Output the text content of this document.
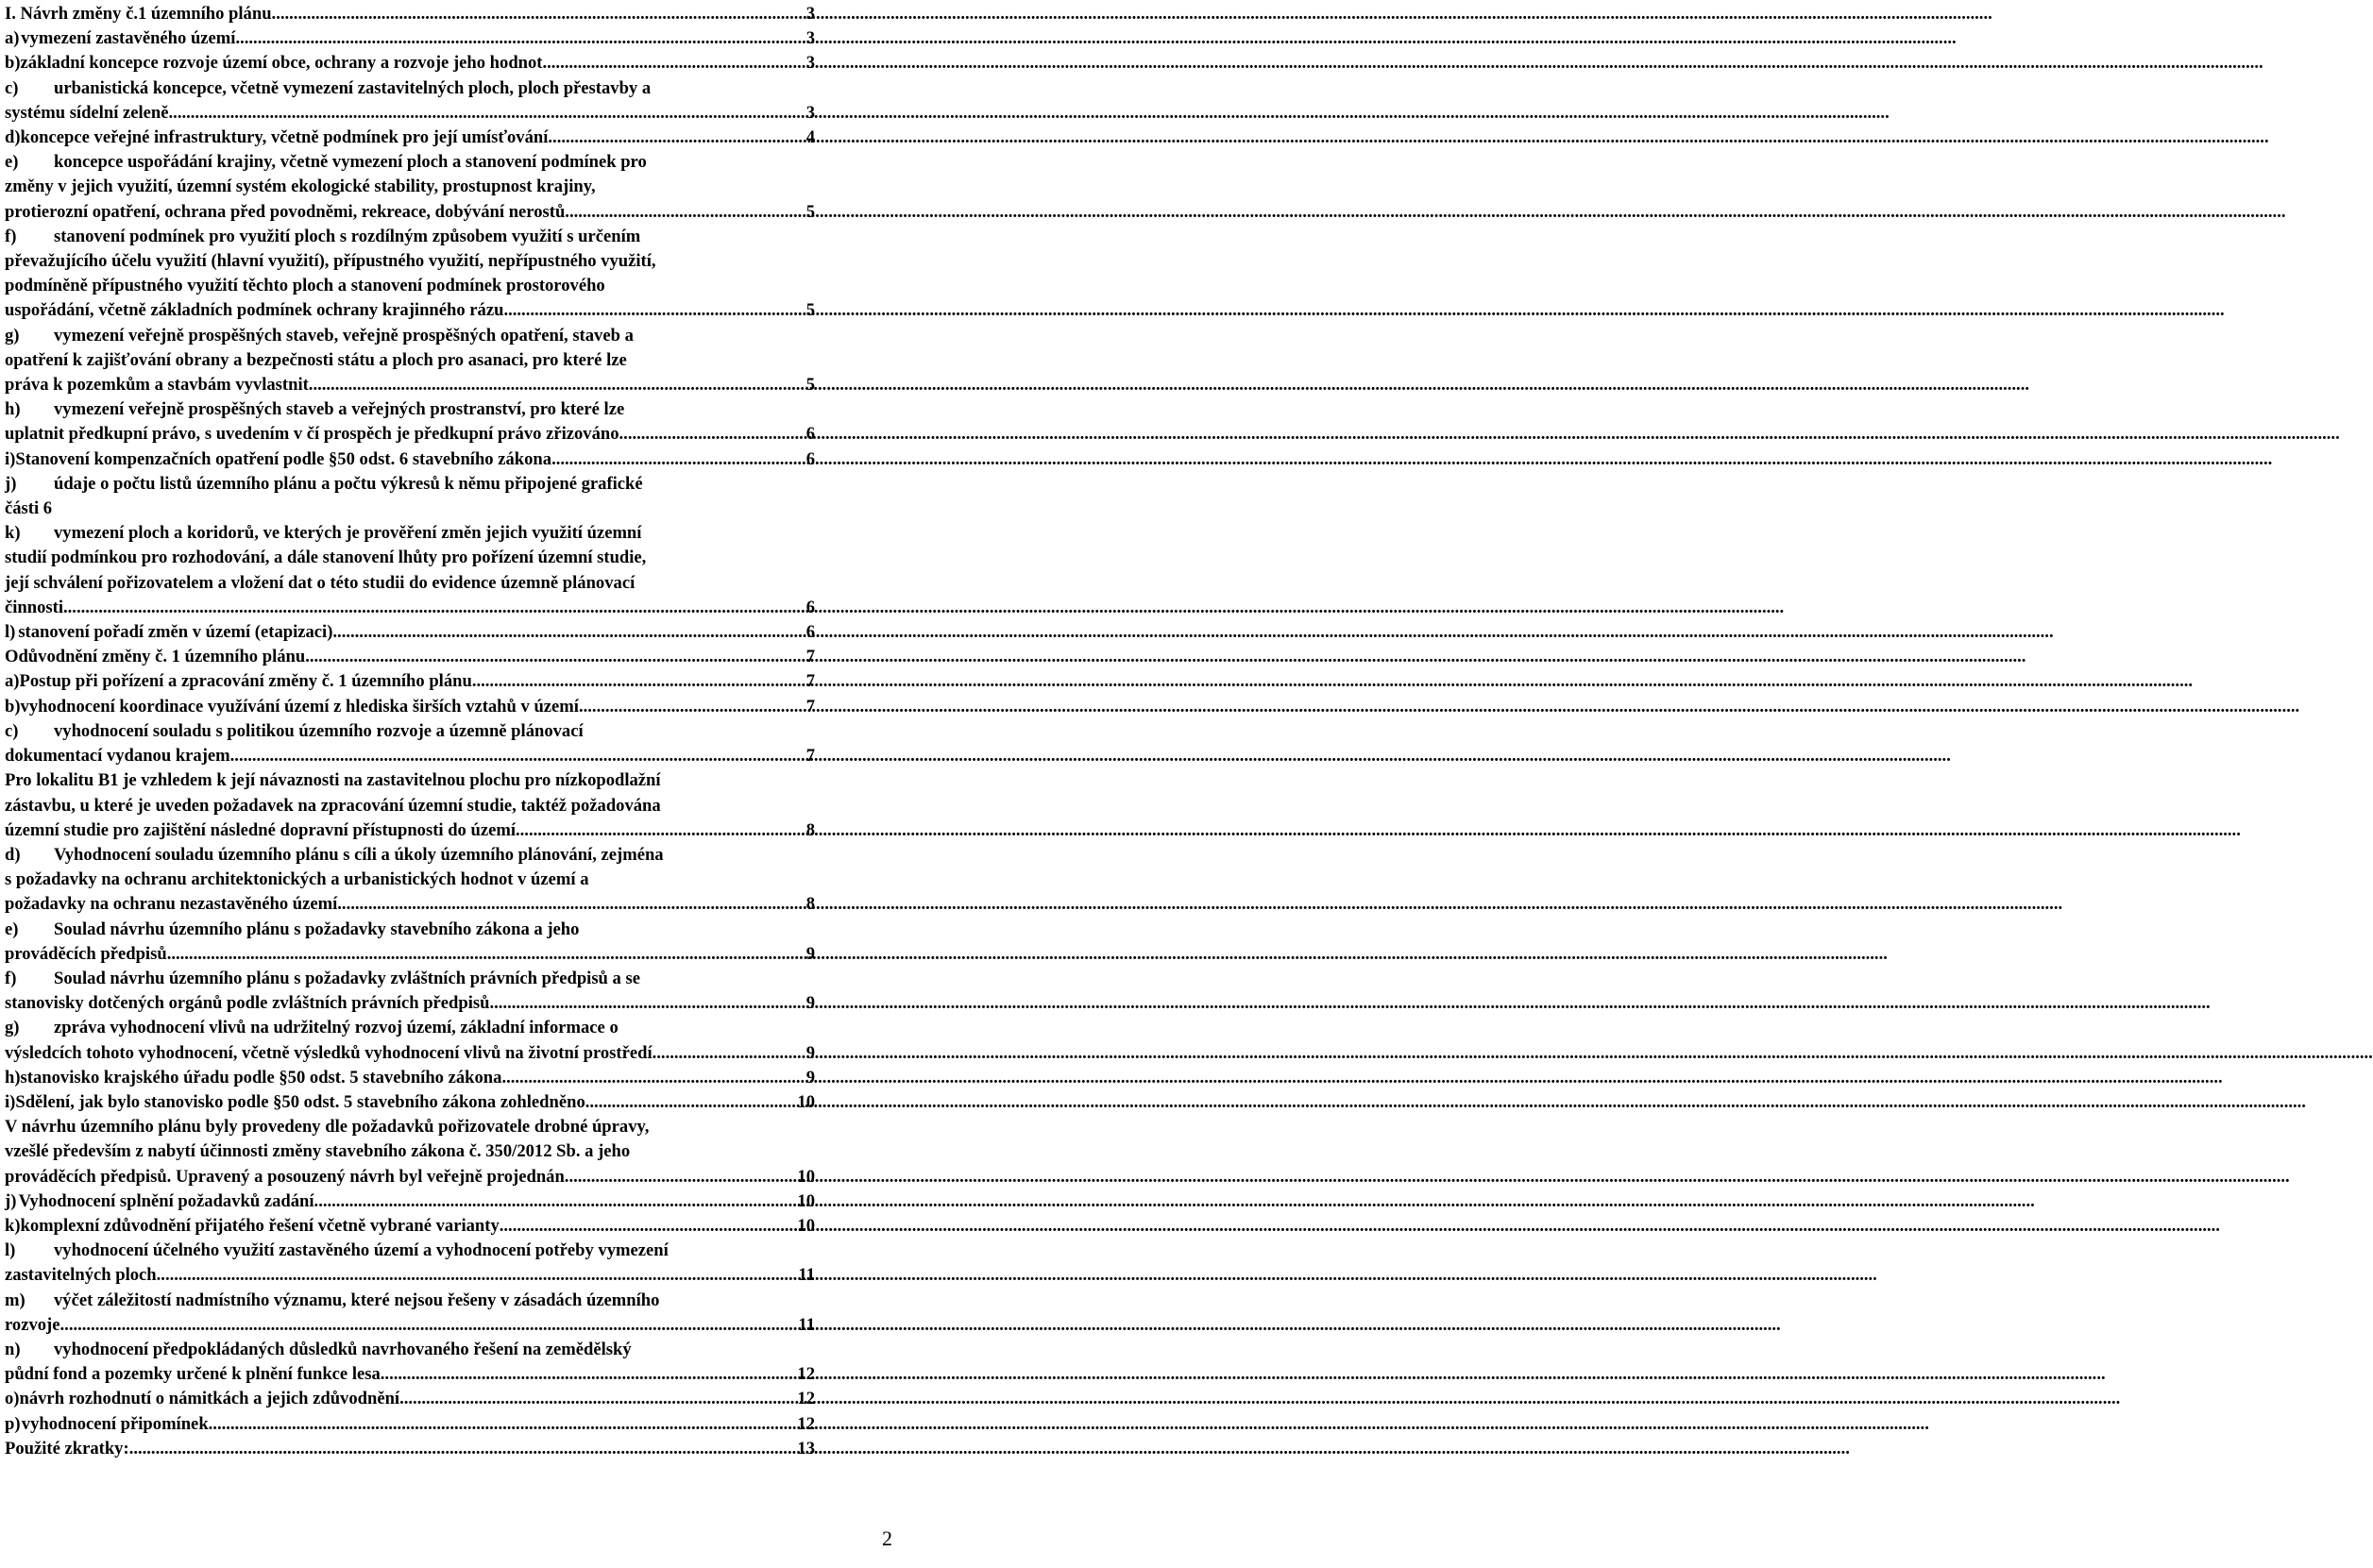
I. Návrh změny č.1 územního plánu .....	3
a) vymezení zastavěného území .....	3
b) základní koncepce rozvoje území obce, ochrany a rozvoje jeho hodnot .....	3
c) urbanistická koncepce, včetně vymezení zastavitelných ploch, ploch přestavby a
systému sídelní zeleně .....	3
d) koncepce veřejné infrastruktury, včetně podmínek pro její umísťování .....	4
e) koncepce uspořádání krajiny, včetně vymezení ploch a stanovení podmínek pro
změny v jejich využití, územní systém ekologické stability, prostupnost krajiny,
protierozní opatření, ochrana před povodněmi, rekreace, dobývání nerostů .....	5
f) stanovení podmínek pro využití ploch s rozdílným způsobem využití s určením
převažujícího účelu využití (hlavní využití), přípustného využití, nepřípustného využití,
podmíněně přípustného využití těchto ploch a stanovení podmínek prostorového
uspořádání, včetně základních podmínek ochrany krajinného rázu .....	5
g) vymezení veřejně prospěšných staveb, veřejně prospěšných opatření, staveb a
opatření k zajišťování obrany a bezpečnosti státu a ploch pro asanaci, pro které lze
práva k pozemkům a stavbám vyvlastnit .....	5
h) vymezení veřejně prospěšných staveb a veřejných prostranství, pro které lze
uplatnit předkupní právo, s uvedením v čí prospěch je předkupní právo zřizováno .....	6
i) Stanovení kompenzačních opatření podle §50 odst. 6 stavebního zákona .....	6
j) údaje o počtu listů územního plánu a počtu výkresů k němu připojené grafické
části 6
k) vymezení ploch a koridorů, ve kterých je prověření změn jejich využití územní
studií podmínkou pro rozhodování, a dále stanovení lhůty pro pořízení územní studie,
její schválení pořizovatelem a vložení dat o této studii do evidence územně plánovací
činnosti .....	6
l) stanovení pořadí změn v území (etapizaci) .....	6
Odůvodnění změny č. 1 územního plánu .....	7
a) Postup při pořízení a zpracování změny č. 1 územního plánu .....	7
b) vyhodnocení koordinace využívání území z hlediska širších vztahů v území .....	7
c) vyhodnocení souladu s politikou územního rozvoje a územně plánovací
dokumentací vydanou krajem .....	7
Pro lokalitu B1 je vzhledem k její návaznosti na zastavitelnou plochu pro nízkopodlažní
zástavbu, u které je uveden požadavek na zpracování územní studie, taktéž požadována
územní studie pro zajištění následné dopravní přístupnosti do území. .....	8
d) Vyhodnocení souladu územního plánu s cíli a úkoly územního plánování, zejména
s požadavky na ochranu architektonických a urbanistických hodnot v území a
požadavky na ochranu nezastavěného území. .....	8
e) Soulad návrhu územního plánu s požadavky stavebního zákona a jeho
prováděcích předpisů .....	9
f) Soulad návrhu územního plánu s požadavky zvláštních právních předpisů a se
stanovisky dotčených orgánů podle zvláštních právních předpisů .....	9
g) zpráva vyhodnocení vlivů na udržitelný rozvoj území, základní informace o
výsledcích tohoto vyhodnocení, včetně výsledků vyhodnocení vlivů na životní prostředí .....	9
h) stanovisko krajského úřadu podle §50 odst. 5 stavebního zákona .....	9
i) Sdělení, jak bylo stanovisko podle §50 odst. 5 stavebního zákona zohledněno .....	10
V návrhu územního plánu byly provedeny dle požadavků pořizovatele drobné úpravy,
vzešlé především z nabytí účinnosti změny stavebního zákona č. 350/2012 Sb. a jeho
prováděcích předpisů. Upravený a posouzený návrh byl veřejně projednán. .....	10
j) Vyhodnocení splnění požadavků zadání .....	10
k) komplexní zdůvodnění přijatého řešení včetně vybrané varianty .....	10
l) vyhodnocení účelného využití zastavěného území a vyhodnocení potřeby vymezení
zastavitelných ploch .....	11
m) výčet záležitostí nadmístního významu, které nejsou řešeny v zásadách územního
rozvoje .....	11
n) vyhodnocení předpokládaných důsledků navrhovaného řešení na zemědělský
půdní fond a pozemky určené k plnění funkce lesa. .....	12
o) návrh rozhodnutí o námitkách a jejich zdůvodnění .....	12
p) vyhodnocení připomínek .....	12
Použité zkratky: .....	13
2
